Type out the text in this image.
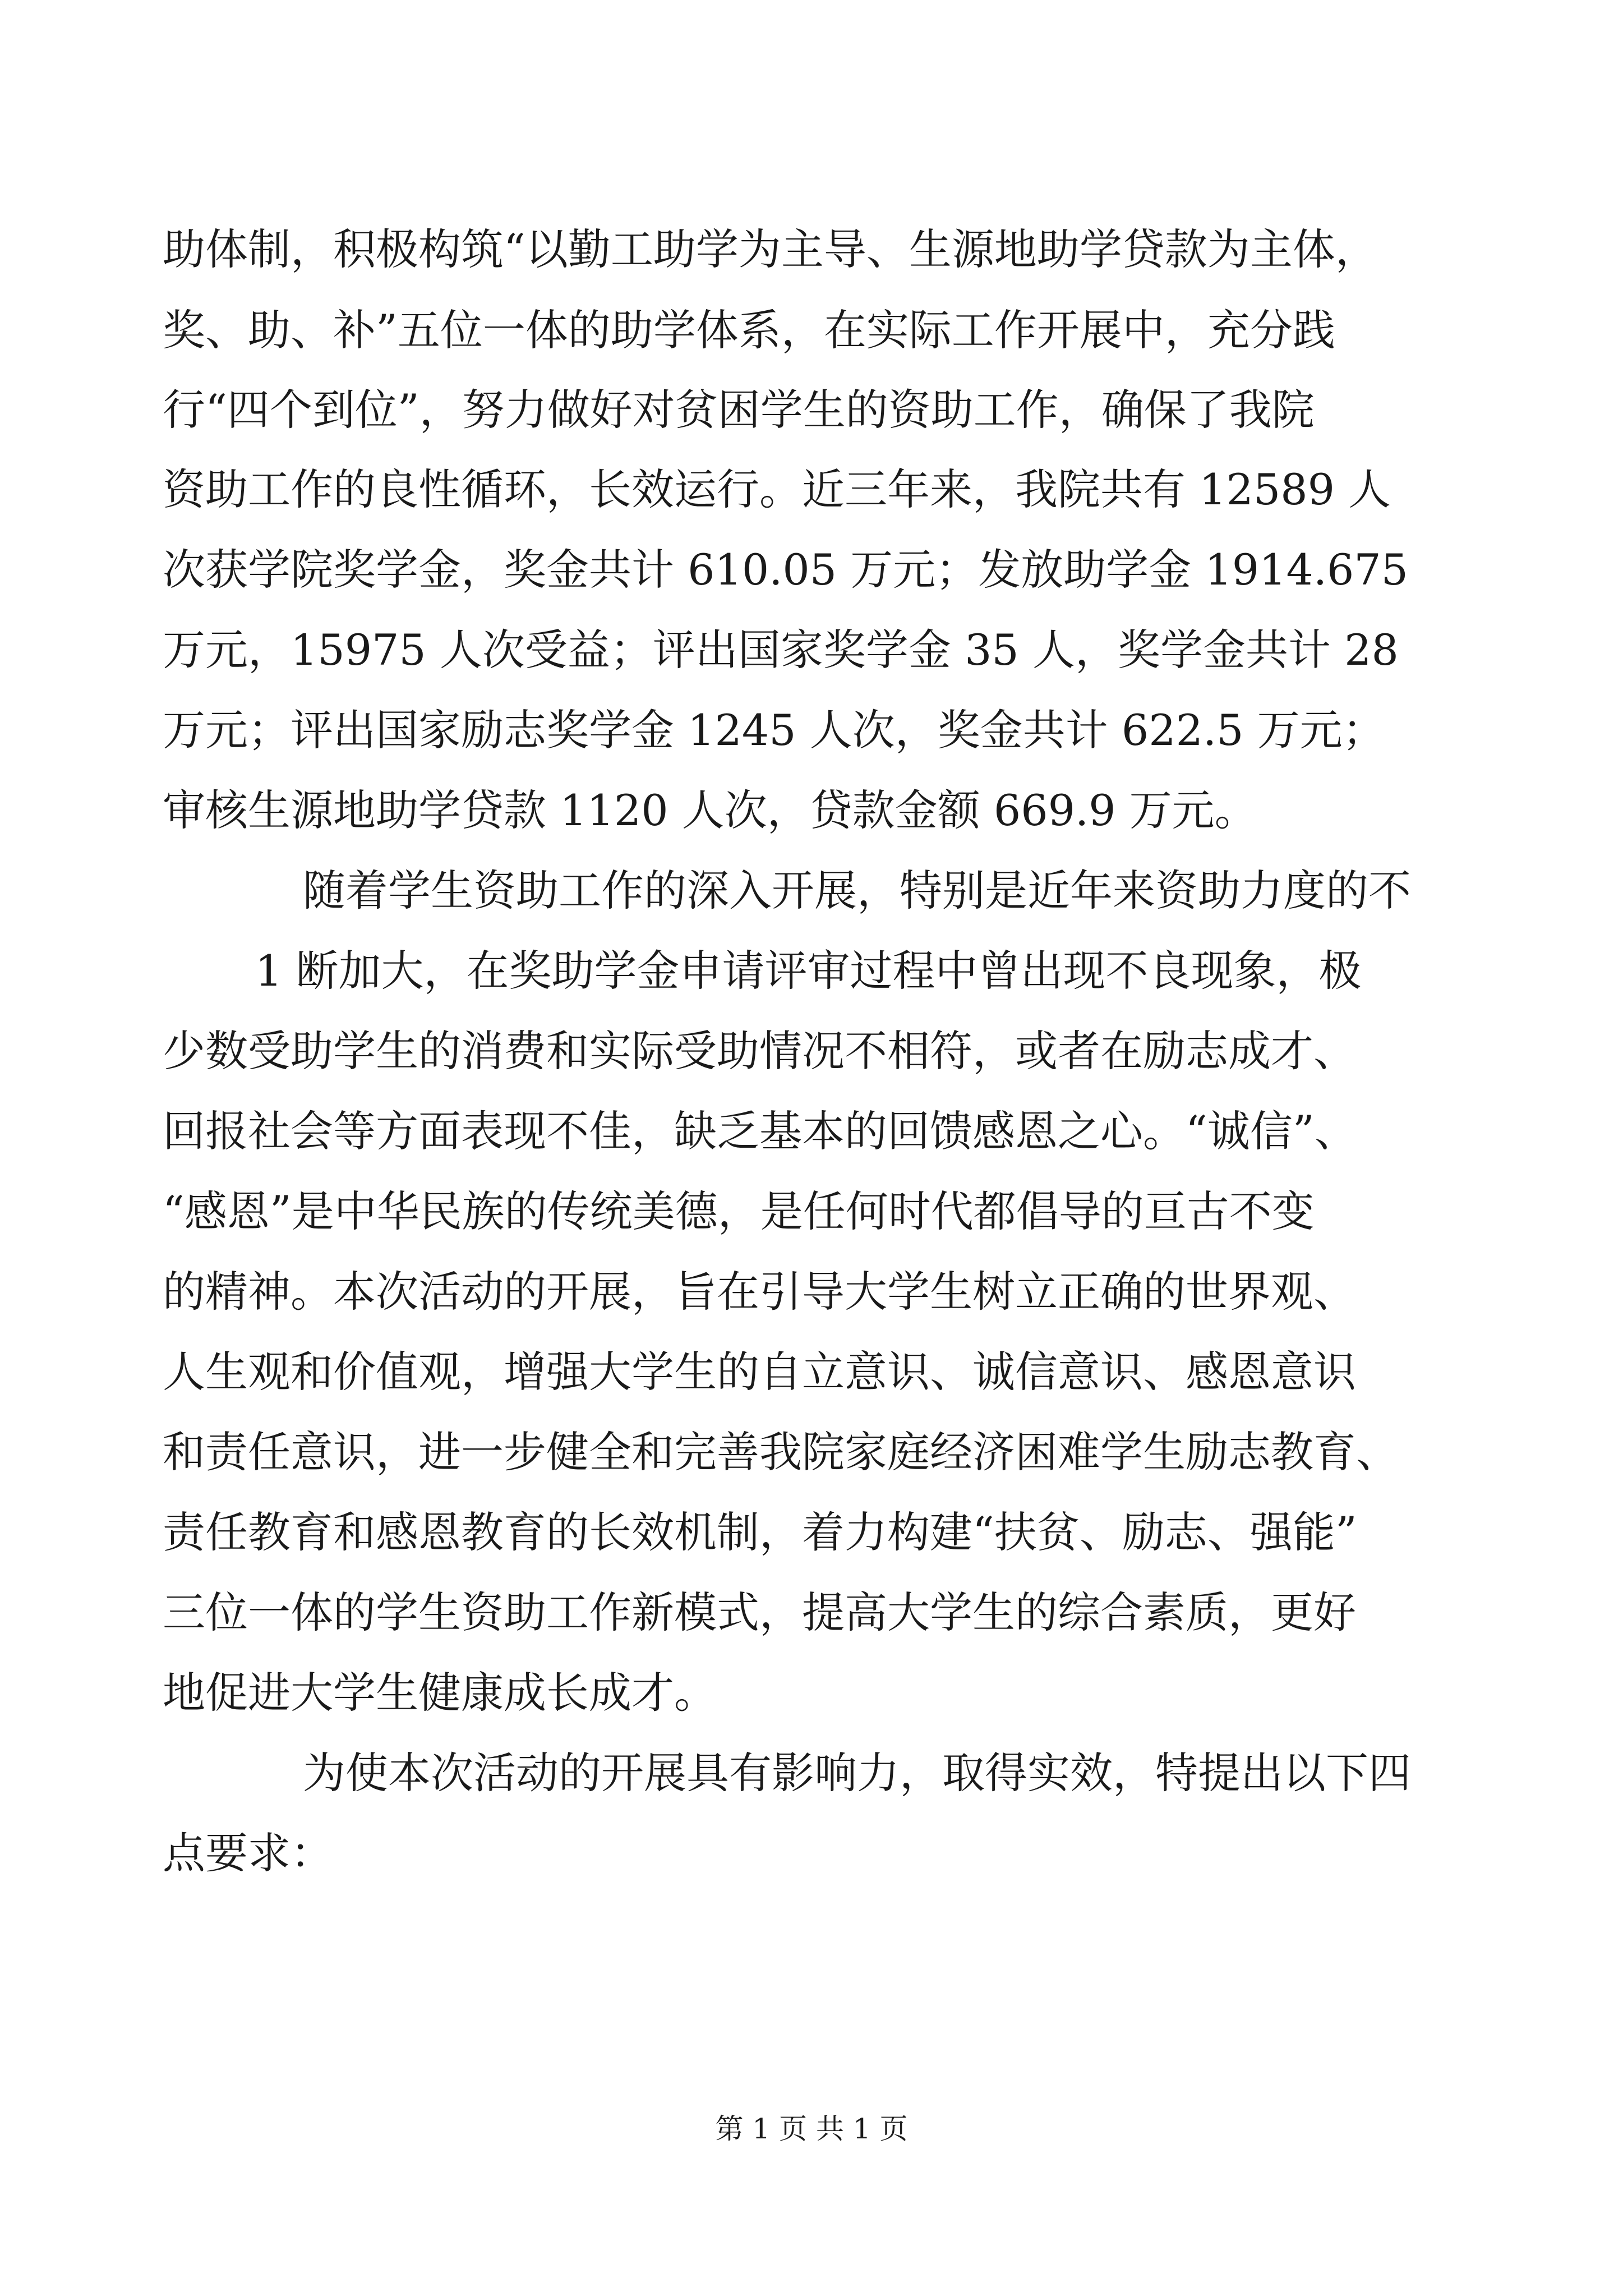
助体制，积极构筑“以勤工助学为主导、生源地助学贷款为主体，
奖、助、补”五位一体的助学体系，在实际工作开展中，充分践
行“四个到位”，努力做好对贫困学生的资助工作，确保了我院
资助工作的良性循环，长效运行。近三年来，我院共有 12589 人
次获学院奖学金，奖金共计 610.05 万元；发放助学金 1914.675
万元，15975 人次受益；评出国家奖学金 35 人，奖学金共计 28
万元；评出国家励志奖学金 1245 人次，奖金共计 622.5 万元；
审核生源地助学贷款 1120 人次，贷款金额 669.9 万元。
随着学生资助工作的深入开展，特别是近年来资助力度的不
1 断加大，在奖助学金申请评审过程中曾出现不良现象，极
少数受助学生的消费和实际受助情况不相符，或者在励志成才、
回报社会等方面表现不佳，缺乏基本的回馈感恩之心。“诚信”、
“感恩”是中华民族的传统美德，是任何时代都倡导的亘古不变
的精神。本次活动的开展，旨在引导大学生树立正确的世界观、
人生观和价值观，增强大学生的自立意识、诚信意识、感恩意识
和责任意识，进一步健全和完善我院家庭经济困难学生励志教育、
责任教育和感恩教育的长效机制，着力构建“扶贫、励志、强能”
三位一体的学生资助工作新模式，提高大学生的综合素质，更好
地促进大学生健康成长成才。
为使本次活动的开展具有影响力，取得实效，特提出以下四
点要求：
第 1 页 共 1 页
